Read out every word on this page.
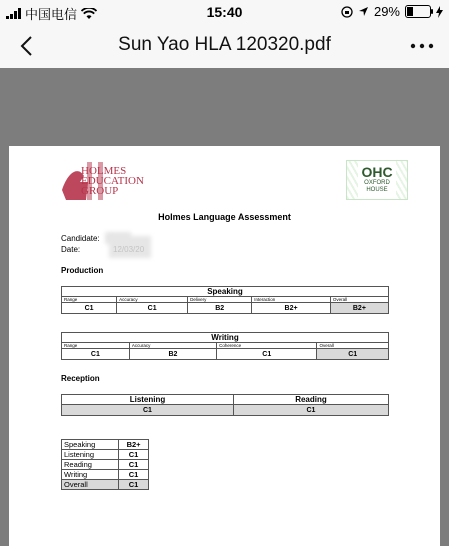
中国电信	15:40	29%
Sun Yao HLA 120320.pdf
HOLMES
EDUCATION
GROUP
OHC
OXFORD
HOUSE
Holmes Language Assessment
Candidate:
Date:	12/03/20
Production
Speaking				
Range	Accuracy	Delivery	Interaction	Overall
C1	C1	B2	B2+	B2+
Writing			
Range	Accuracy	Coherence	Overall
C1	B2	C1	C1
Reception
Listening	Reading
C1	C1
Speaking	B2+
Listening	C1
Reading	C1
Writing	C1
Overall	C1
